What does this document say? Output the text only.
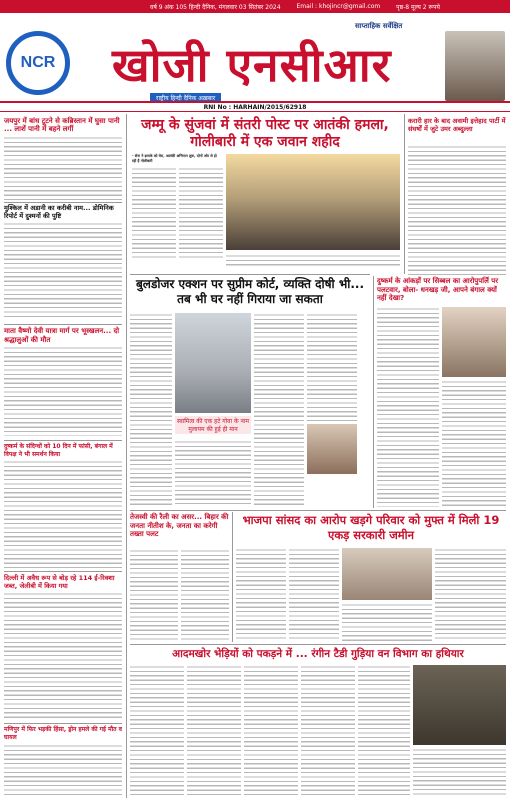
वर्ष 9 अंक 105 हिन्दी दैनिक, मंगलवार 03 सितंबर 2024	Email : khojincr@gmail.com	पृष्ठ-8 मूल्य 2 रूपये
NCR
साप्ताहिक सर्वेक्षित
खोजी एनसीआर
राष्ट्रीय हिन्दी दैनिक अख़बार
RNI No : HARHAIN/2015/62918
जयपुर में बांध टूटने से कब्रिस्तान में घुसा पानी ... लाशें पानी में बहने लगीं
मुश्किल में अडानी का करीबी नाम... डोमिनिक रिपोर्ट में दुश्मनों की पुष्टि
माता वैष्णो देवी यात्रा मार्ग पर भूस्खलन... दो श्रद्धालुओं की मौत
दुष्कर्म के संदिग्धों को 10 दिन में फांसी, बंगाल में विपक्ष ने भी समर्थन किया
दिल्ली में अवैध रूप से बोड़ रहे 114 ई-रिक्शा जब्त, जेलीबी में किया गया
मणिपुर में फिर भड़की हिंसा, ड्रोन हमले की गई मौत व घायल
जम्मू के सुंजवां में संतरी पोस्ट पर आतंकी हमला, गोलीबारी में एक जवान शहीद
- सेना ने इलाके को घेरा, आतंकी अभियान शुरू, दोनों ओर से हो रही है गोलीबारी
करारी हार के बाद अवामी इत्तेहाद पार्टी में संघर्षों में जुटे उमर अब्दुल्ला
बुलडोजर एक्शन पर सुप्रीम कोर्ट, व्यक्ति दोषी भी... तब भी घर नहीं गिराया जा सकता
स्वामित्व की एक हटे गोवा के नाम मुलायम की हुई ही मान
दुष्कर्म के आंकड़ों पर सिब्बल का आरोपुपर्लि पर पलटवार, बोला- धनखड़ जी, आपने बंगाल क्यों नहीं देखा?
तेजस्वी की रैली का असर... बिहार की जनता नीतीश के, जनता का करेगी तख्ता पलट
भाजपा सांसद का आरोप खड़गे परिवार को मुफ्त में मिली 19 एकड़ सरकारी जमीन
आदमखोर भेड़ियों को पकड़ने में ... रंगीन टैडी गुड़िया वन विभाग का हथियार
